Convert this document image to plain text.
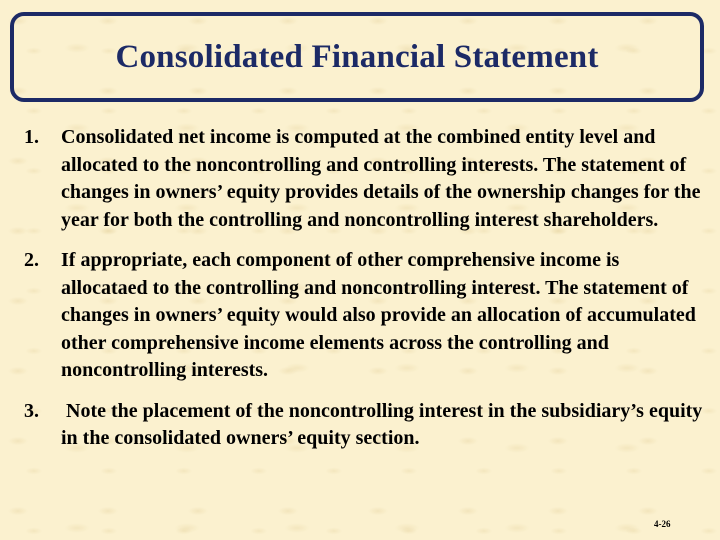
Consolidated Financial Statement
1.	Consolidated net income is computed at the combined entity level and allocated to the noncontrolling and controlling interests. The statement of changes in owners’ equity provides details of the ownership changes for the year for both the controlling and noncontrolling interest shareholders.
2.	If appropriate, each component of other comprehensive income is allocataed to the controlling and noncontrolling interest. The statement of changes in owners’ equity would also provide an allocation of accumulated other comprehensive income elements across the controlling and noncontrolling interests.
3.	Note the placement of the noncontrolling interest in the subsidiary’s equity in the consolidated owners’ equity section.
4-26
